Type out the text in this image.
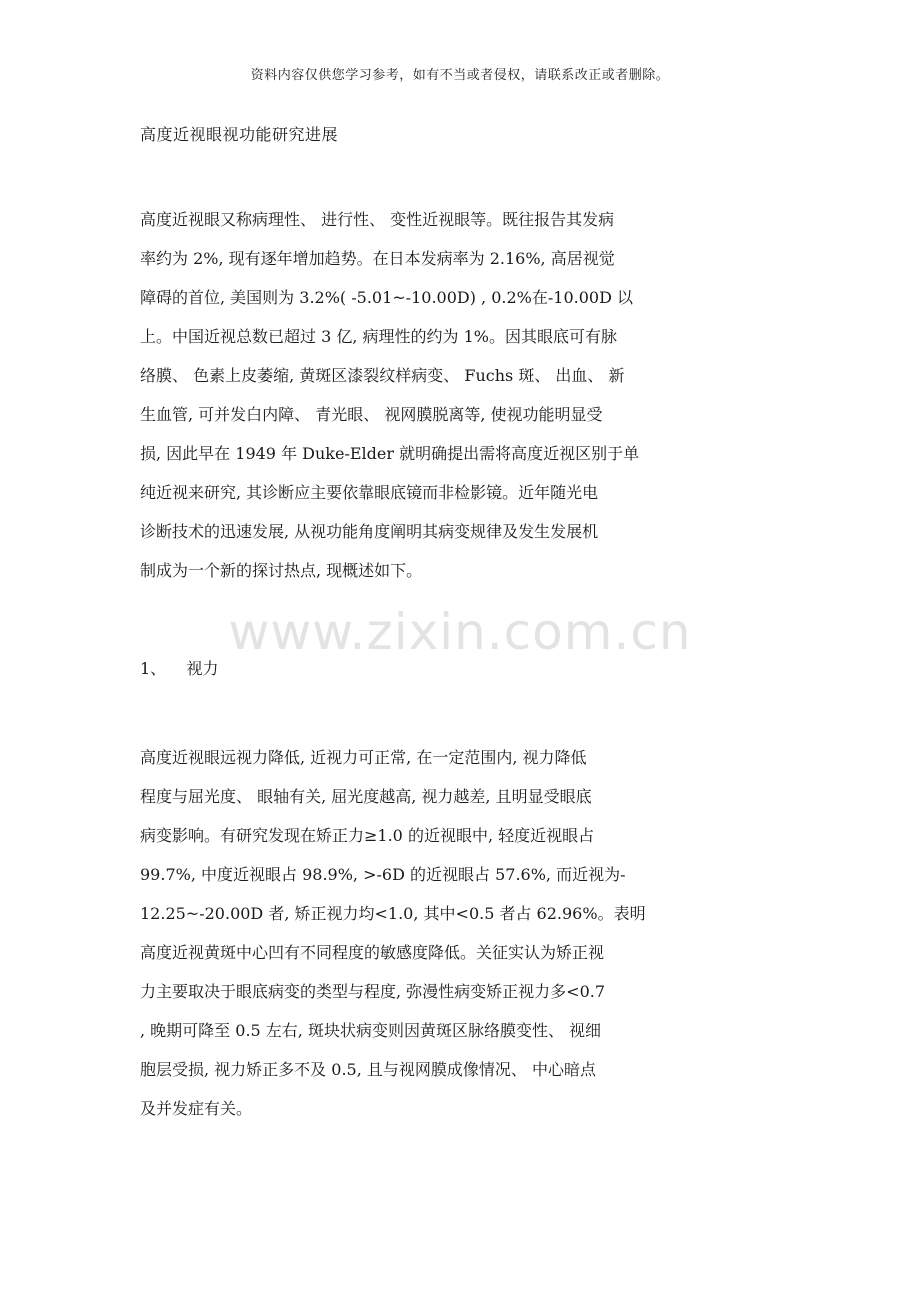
www.zixin.com.cn
资料内容仅供您学习参考，如有不当或者侵权，请联系改正或者删除。
高度近视眼视功能研究进展
高度近视眼又称病理性、 进行性、 变性近视眼等。既往报告其发病
率约为 2%, 现有逐年增加趋势。在日本发病率为 2.16%, 高居视觉
障碍的首位, 美国则为 3.2%( -5.01~-10.00D) , 0.2%在-10.00D 以
上。中国近视总数已超过 3 亿, 病理性的约为 1%。因其眼底可有脉
络膜、 色素上皮萎缩, 黄斑区漆裂纹样病变、 Fuchs 斑、 出血、 新
生血管, 可并发白内障、 青光眼、 视网膜脱离等, 使视功能明显受
损, 因此早在 1949 年 Duke-Elder 就明确提出需将高度近视区别于单
纯近视来研究, 其诊断应主要依靠眼底镜而非检影镜。近年随光电
诊断技术的迅速发展, 从视功能角度阐明其病变规律及发生发展机
制成为一个新的探讨热点, 现概述如下。
1、 视力
高度近视眼远视力降低, 近视力可正常, 在一定范围内, 视力降低
程度与屈光度、 眼轴有关, 屈光度越高, 视力越差, 且明显受眼底
病变影响。有研究发现在矫正力≥1.0 的近视眼中, 轻度近视眼占
99.7%, 中度近视眼占 98.9%, >-6D 的近视眼占 57.6%, 而近视为-
12.25~-20.00D 者, 矫正视力均<1.0, 其中<0.5 者占 62.96%。表明
高度近视黄斑中心凹有不同程度的敏感度降低。关征实认为矫正视
力主要取决于眼底病变的类型与程度, 弥漫性病变矫正视力多<0.7
, 晚期可降至 0.5 左右, 斑块状病变则因黄斑区脉络膜变性、 视细
胞层受损, 视力矫正多不及 0.5, 且与视网膜成像情况、 中心暗点
及并发症有关。
